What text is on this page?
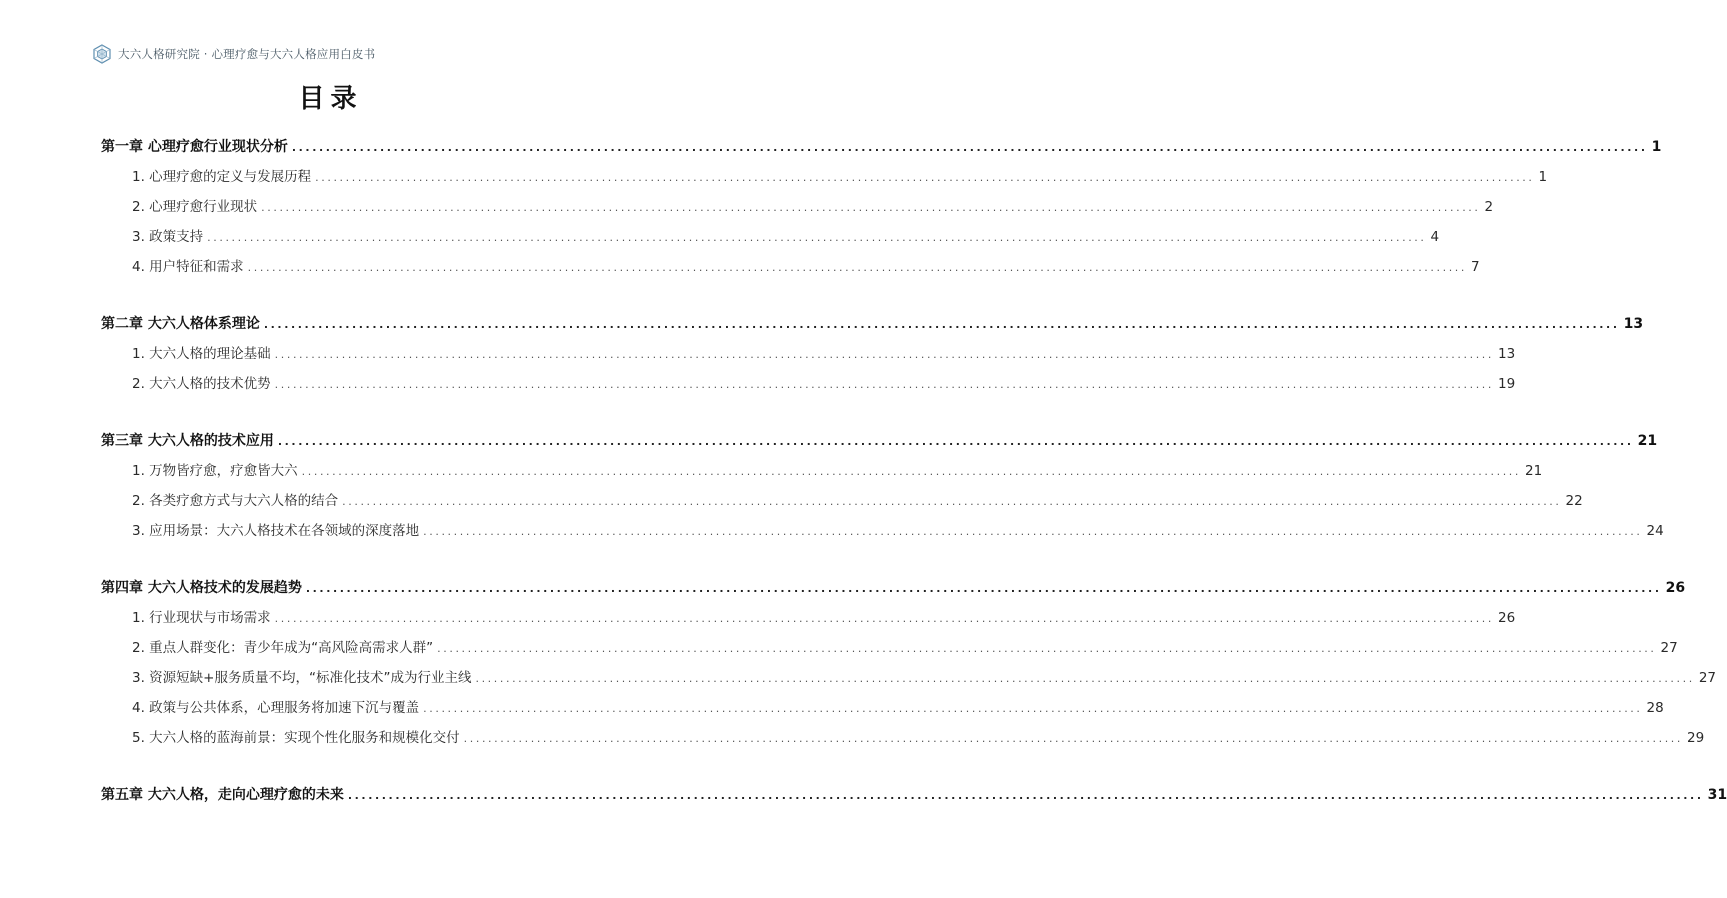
大六人格研究院 · 心理疗愈与大六人格应用白皮书
目录
第一章 心理疗愈行业现状分析 ........................................................................................................................................................................................................ 1
1. 心理疗愈的定义与发展历程 ........................................................................................................................................................................................................ 1
2. 心理疗愈行业现状 ........................................................................................................................................................................................................ 2
3. 政策支持 ........................................................................................................................................................................................................ 4
4. 用户特征和需求 ........................................................................................................................................................................................................ 7
第二章 大六人格体系理论 ........................................................................................................................................................................................................ 13
1. 大六人格的理论基础 ........................................................................................................................................................................................................ 13
2. 大六人格的技术优势 ........................................................................................................................................................................................................ 19
第三章 大六人格的技术应用 ........................................................................................................................................................................................................ 21
1. 万物皆疗愈，疗愈皆大六 ........................................................................................................................................................................................................ 21
2. 各类疗愈方式与大六人格的结合 ........................................................................................................................................................................................................ 22
3. 应用场景：大六人格技术在各领域的深度落地 ........................................................................................................................................................................................................ 24
第四章 大六人格技术的发展趋势 ........................................................................................................................................................................................................ 26
1. 行业现状与市场需求 ........................................................................................................................................................................................................ 26
2. 重点人群变化：青少年成为“高风险高需求人群” ........................................................................................................................................................................................................ 27
3. 资源短缺+服务质量不均，“标准化技术”成为行业主线 ........................................................................................................................................................................................................ 27
4. 政策与公共体系，心理服务将加速下沉与覆盖 ........................................................................................................................................................................................................ 28
5. 大六人格的蓝海前景：实现个性化服务和规模化交付 ........................................................................................................................................................................................................ 29
第五章 大六人格，走向心理疗愈的未来 ........................................................................................................................................................................................................ 31
